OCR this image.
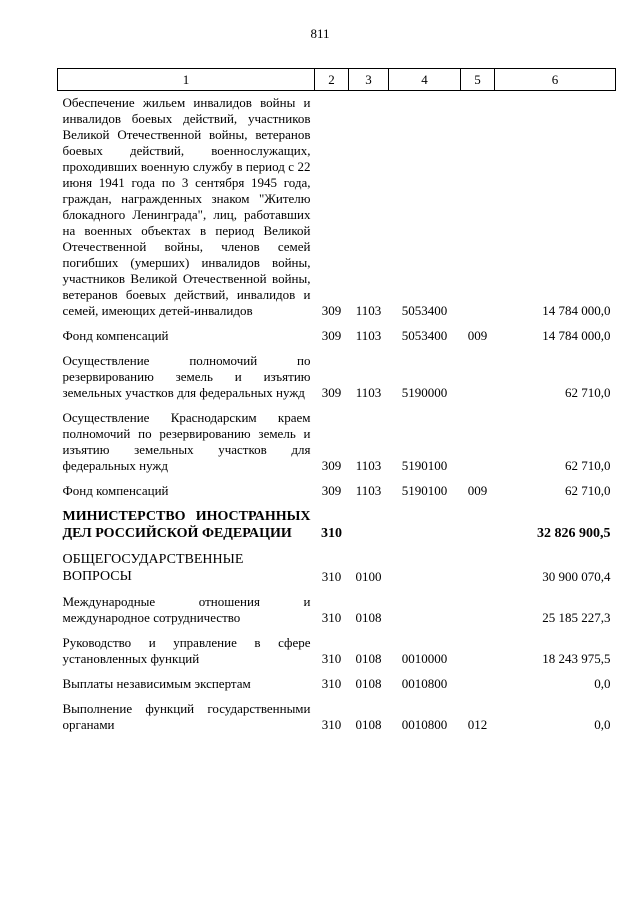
811
1	2	3	4	5	6
Обеспечение жильем инвалидов войны и инвалидов боевых действий, участников Великой Отечественной войны, ветеранов боевых действий, военнослужащих, проходивших военную службу в период с 22 июня 1941 года по 3 сентября 1945 года, граждан, награжденных знаком "Жителю блокадного Ленинграда", лиц, работавших на военных объектах в период Великой Отечественной войны, членов семей погибших (умерших) инвалидов войны, участников Великой Отечественной войны, ветеранов боевых действий, инвалидов и семей, имеющих детей-инвалидов	309	1103	5053400		14 784 000,0
Фонд компенсаций	309	1103	5053400	009	14 784 000,0
Осуществление полномочий по резервированию земель и изъятию земельных участков для федеральных нужд	309	1103	5190000		62 710,0
Осуществление Краснодарским краем полномочий по резервированию земель и изъятию земельных участков для федеральных нужд	309	1103	5190100		62 710,0
Фонд компенсаций	309	1103	5190100	009	62 710,0
МИНИСТЕРСТВО ИНОСТРАННЫХ ДЕЛ РОССИЙСКОЙ ФЕДЕРАЦИИ	310				32 826 900,5
ОБЩЕГОСУДАРСТВЕННЫЕ ВОПРОСЫ	310	0100			30 900 070,4
Международные отношения и международное сотрудничество	310	0108			25 185 227,3
Руководство и управление в сфере установленных функций	310	0108	0010000		18 243 975,5
Выплаты независимым экспертам	310	0108	0010800		0,0
Выполнение функций государственными органами	310	0108	0010800	012	0,0
